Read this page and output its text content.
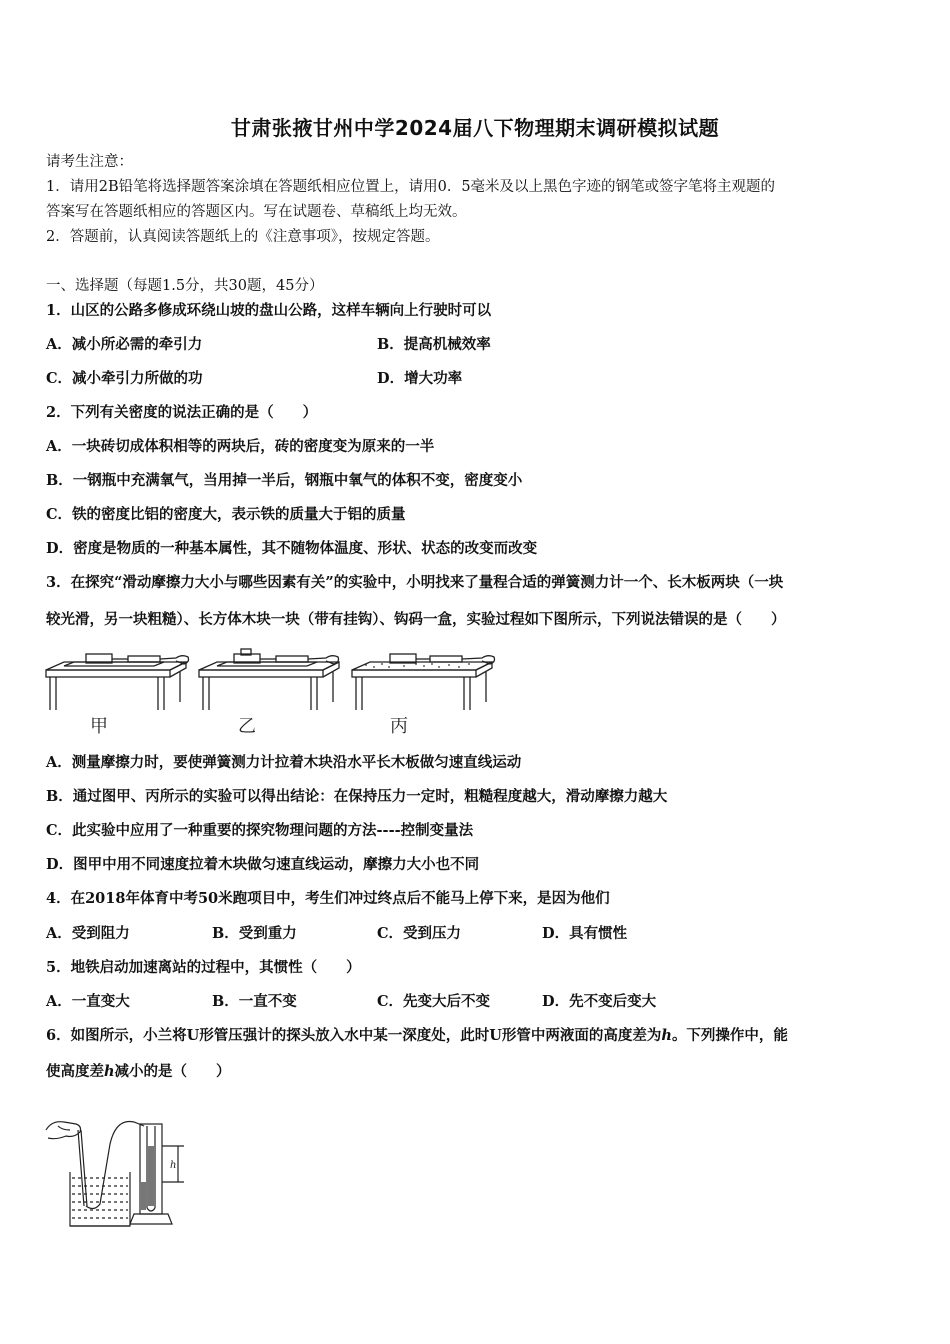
甘肃张掖甘州中学2024届八下物理期末调研模拟试题
请考生注意：
1．请用2B铅笔将选择题答案涂填在答题纸相应位置上，请用0．5毫米及以上黑色字迹的钢笔或签字笔将主观题的
答案写在答题纸相应的答题区内。写在试题卷、草稿纸上均无效。
2．答题前，认真阅读答题纸上的《注意事项》，按规定答题。
一、选择题（每题1.5分，共30题，45分）
1．山区的公路多修成环绕山坡的盘山公路，这样车辆向上行驶时可以
A．减小所必需的牵引力	B．提高机械效率
C．减小牵引力所做的功	D．增大功率
2．下列有关密度的说法正确的是（　　）
A．一块砖切成体积相等的两块后，砖的密度变为原来的一半
B．一钢瓶中充满氧气，当用掉一半后，钢瓶中氧气的体积不变，密度变小
C．铁的密度比铝的密度大，表示铁的质量大于铝的质量
D．密度是物质的一种基本属性，其不随物体温度、形状、状态的改变而改变
3．在探究“滑动摩擦力大小与哪些因素有关”的实验中，小明找来了量程合适的弹簧测力计一个、长木板两块（一块
较光滑，另一块粗糙）、长方体木块一块（带有挂钩）、钩码一盒，实验过程如下图所示，下列说法错误的是（　　）
甲	乙	丙
A．测量摩擦力时，要使弹簧测力计拉着木块沿水平长木板做匀速直线运动
B．通过图甲、丙所示的实验可以得出结论：在保持压力一定时，粗糙程度越大，滑动摩擦力越大
C．此实验中应用了一种重要的探究物理问题的方法----控制变量法
D．图甲中用不同速度拉着木块做匀速直线运动，摩擦力大小也不同
4．在2018年体育中考50米跑项目中，考生们冲过终点后不能马上停下来，是因为他们
A．受到阻力	B．受到重力	C．受到压力	D．具有惯性
5．地铁启动加速离站的过程中，其惯性（　　）
A．一直变大	B．一直不变	C．先变大后不变	D．先不变后变大
6．如图所示，小兰将U形管压强计的探头放入水中某一深度处，此时U形管中两液面的高度差为h。下列操作中，能
使高度差h减小的是（　　）
h
